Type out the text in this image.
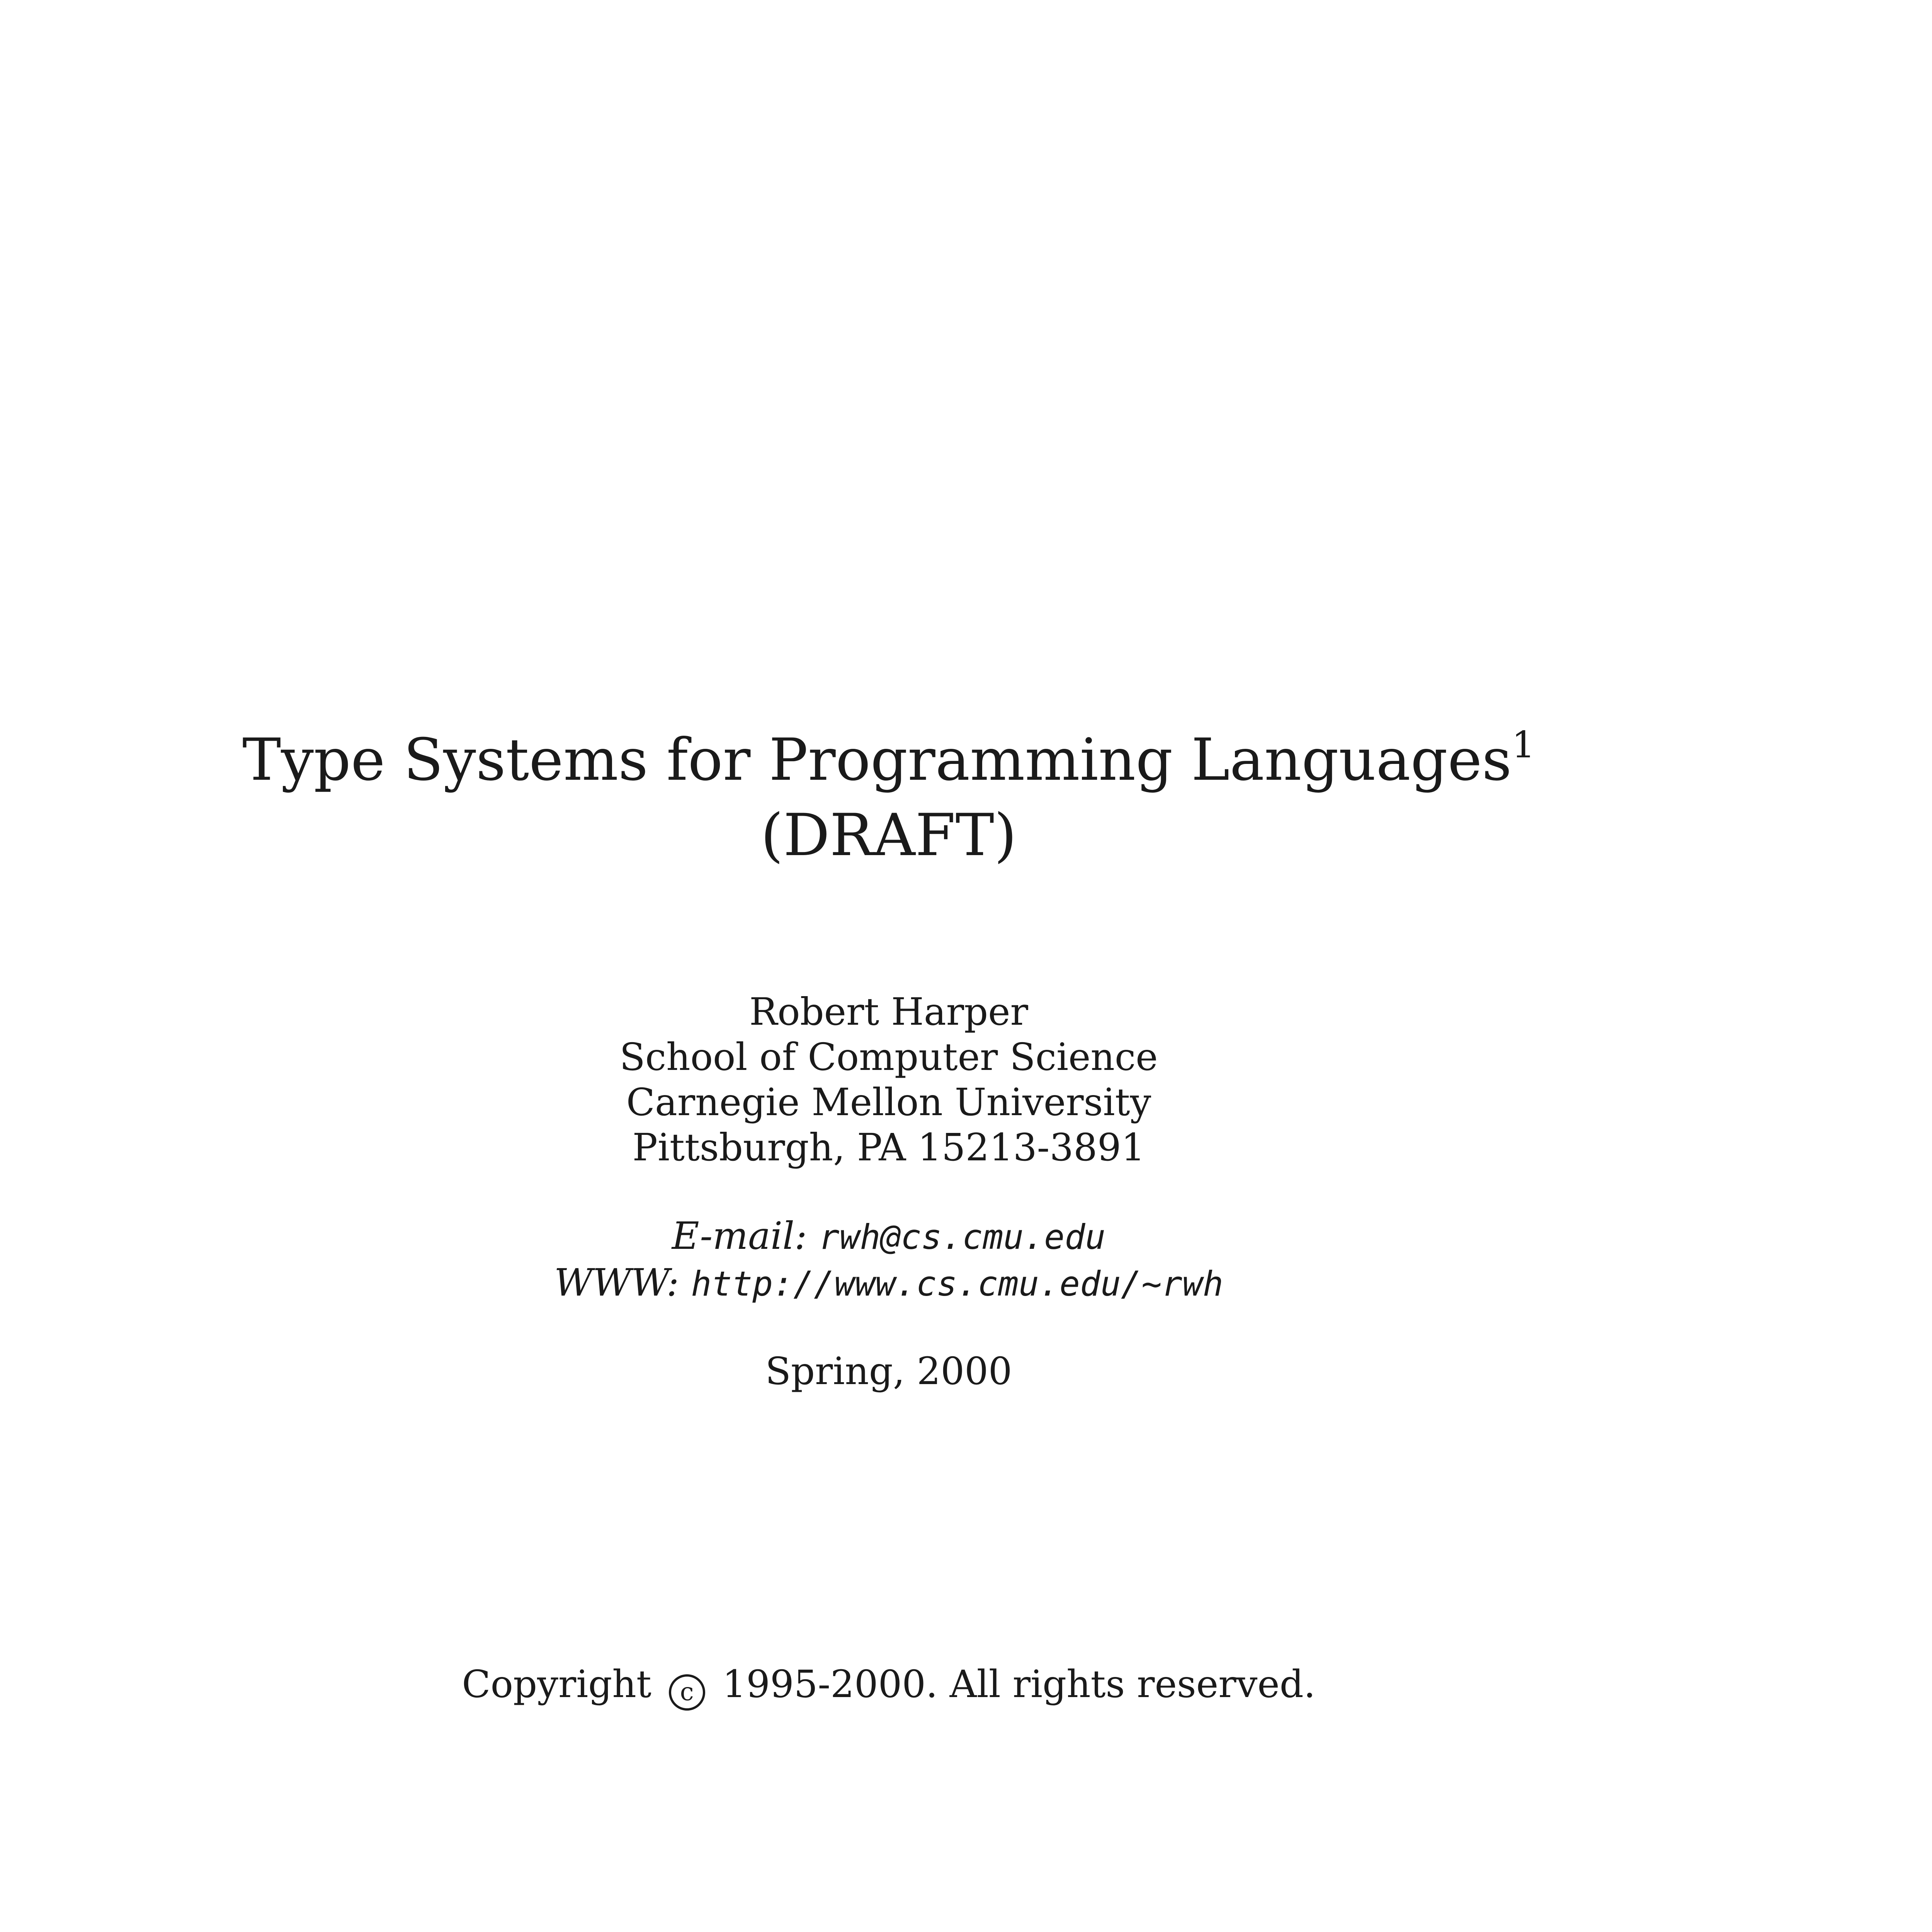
Type Systems for Programming Languages$^1$
(DRAFT)
Robert Harper
School of Computer Science
Carnegie Mellon University
Pittsburgh, PA 15213-3891
E-mail: rwh@cs.cmu.edu
WWW: http://www.cs.cmu.edu/~rwh
Spring, 2000
Copyright c 1995-2000. All rights reserved.
